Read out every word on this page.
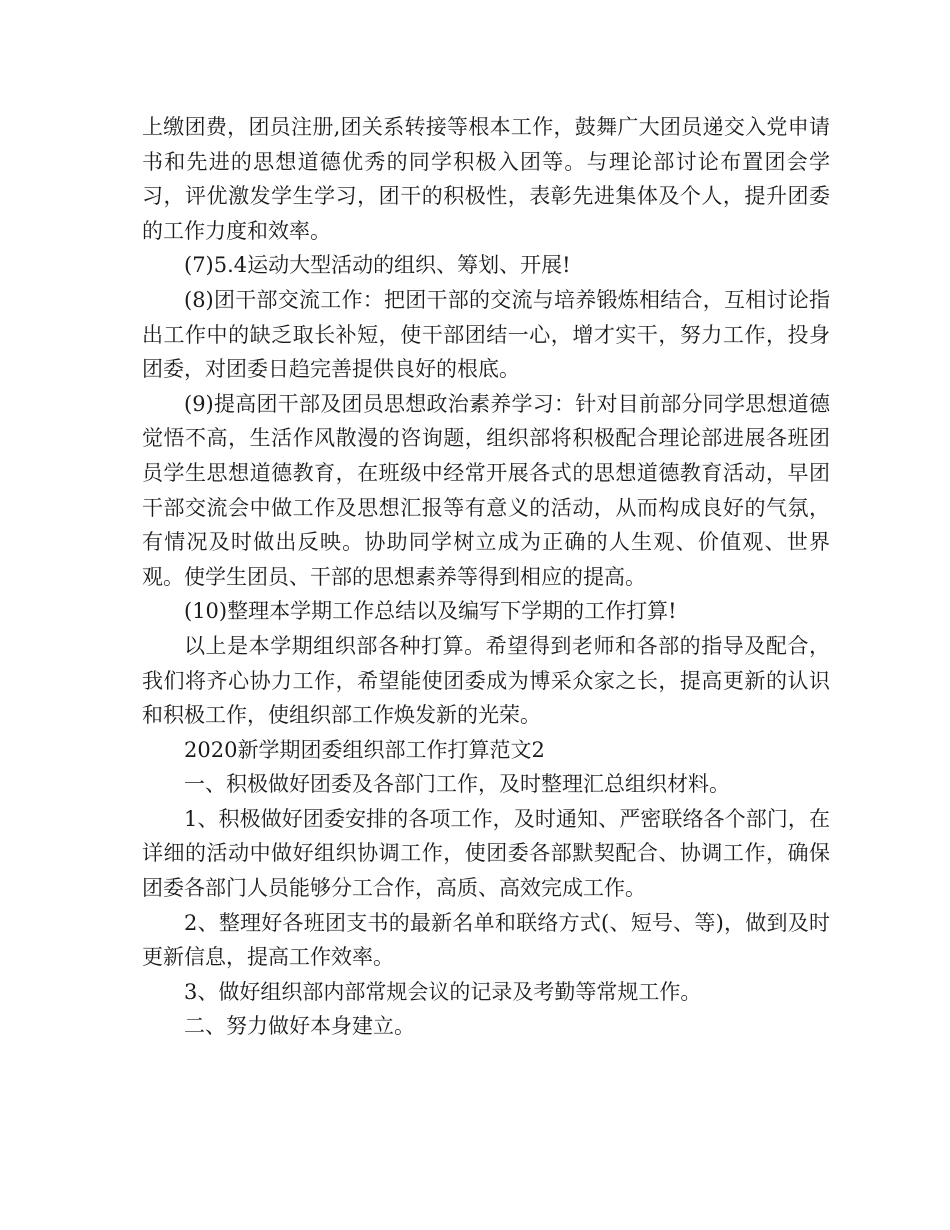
上缴团费，团员注册,团关系转接等根本工作，鼓舞广大团员递交入党申请书和先进的思想道德优秀的同学积极入团等。与理论部讨论布置团会学习，评优激发学生学习，团干的积极性，表彰先进集体及个人，提升团委的工作力度和效率。

(7)5.4运动大型活动的组织、筹划、开展!

(8)团干部交流工作：把团干部的交流与培养锻炼相结合，互相讨论指出工作中的缺乏取长补短，使干部团结一心，增才实干，努力工作，投身团委，对团委日趋完善提供良好的根底。

(9)提高团干部及团员思想政治素养学习：针对目前部分同学思想道德觉悟不高，生活作风散漫的咨询题，组织部将积极配合理论部进展各班团员学生思想道德教育，在班级中经常开展各式的思想道德教育活动，早团干部交流会中做工作及思想汇报等有意义的活动，从而构成良好的气氛，有情况及时做出反映。协助同学树立成为正确的人生观、价值观、世界观。使学生团员、干部的思想素养等得到相应的提高。

(10)整理本学期工作总结以及编写下学期的工作打算!

以上是本学期组织部各种打算。希望得到老师和各部的指导及配合，我们将齐心协力工作，希望能使团委成为博采众家之长，提高更新的认识和积极工作，使组织部工作焕发新的光荣。

2020新学期团委组织部工作打算范文2

一、积极做好团委及各部门工作，及时整理汇总组织材料。

1、积极做好团委安排的各项工作，及时通知、严密联络各个部门，在详细的活动中做好组织协调工作，使团委各部默契配合、协调工作，确保团委各部门人员能够分工合作，高质、高效完成工作。

2、整理好各班团支书的最新名单和联络方式(、短号、等)，做到及时更新信息，提高工作效率。

3、做好组织部内部常规会议的记录及考勤等常规工作。

二、努力做好本身建立。
